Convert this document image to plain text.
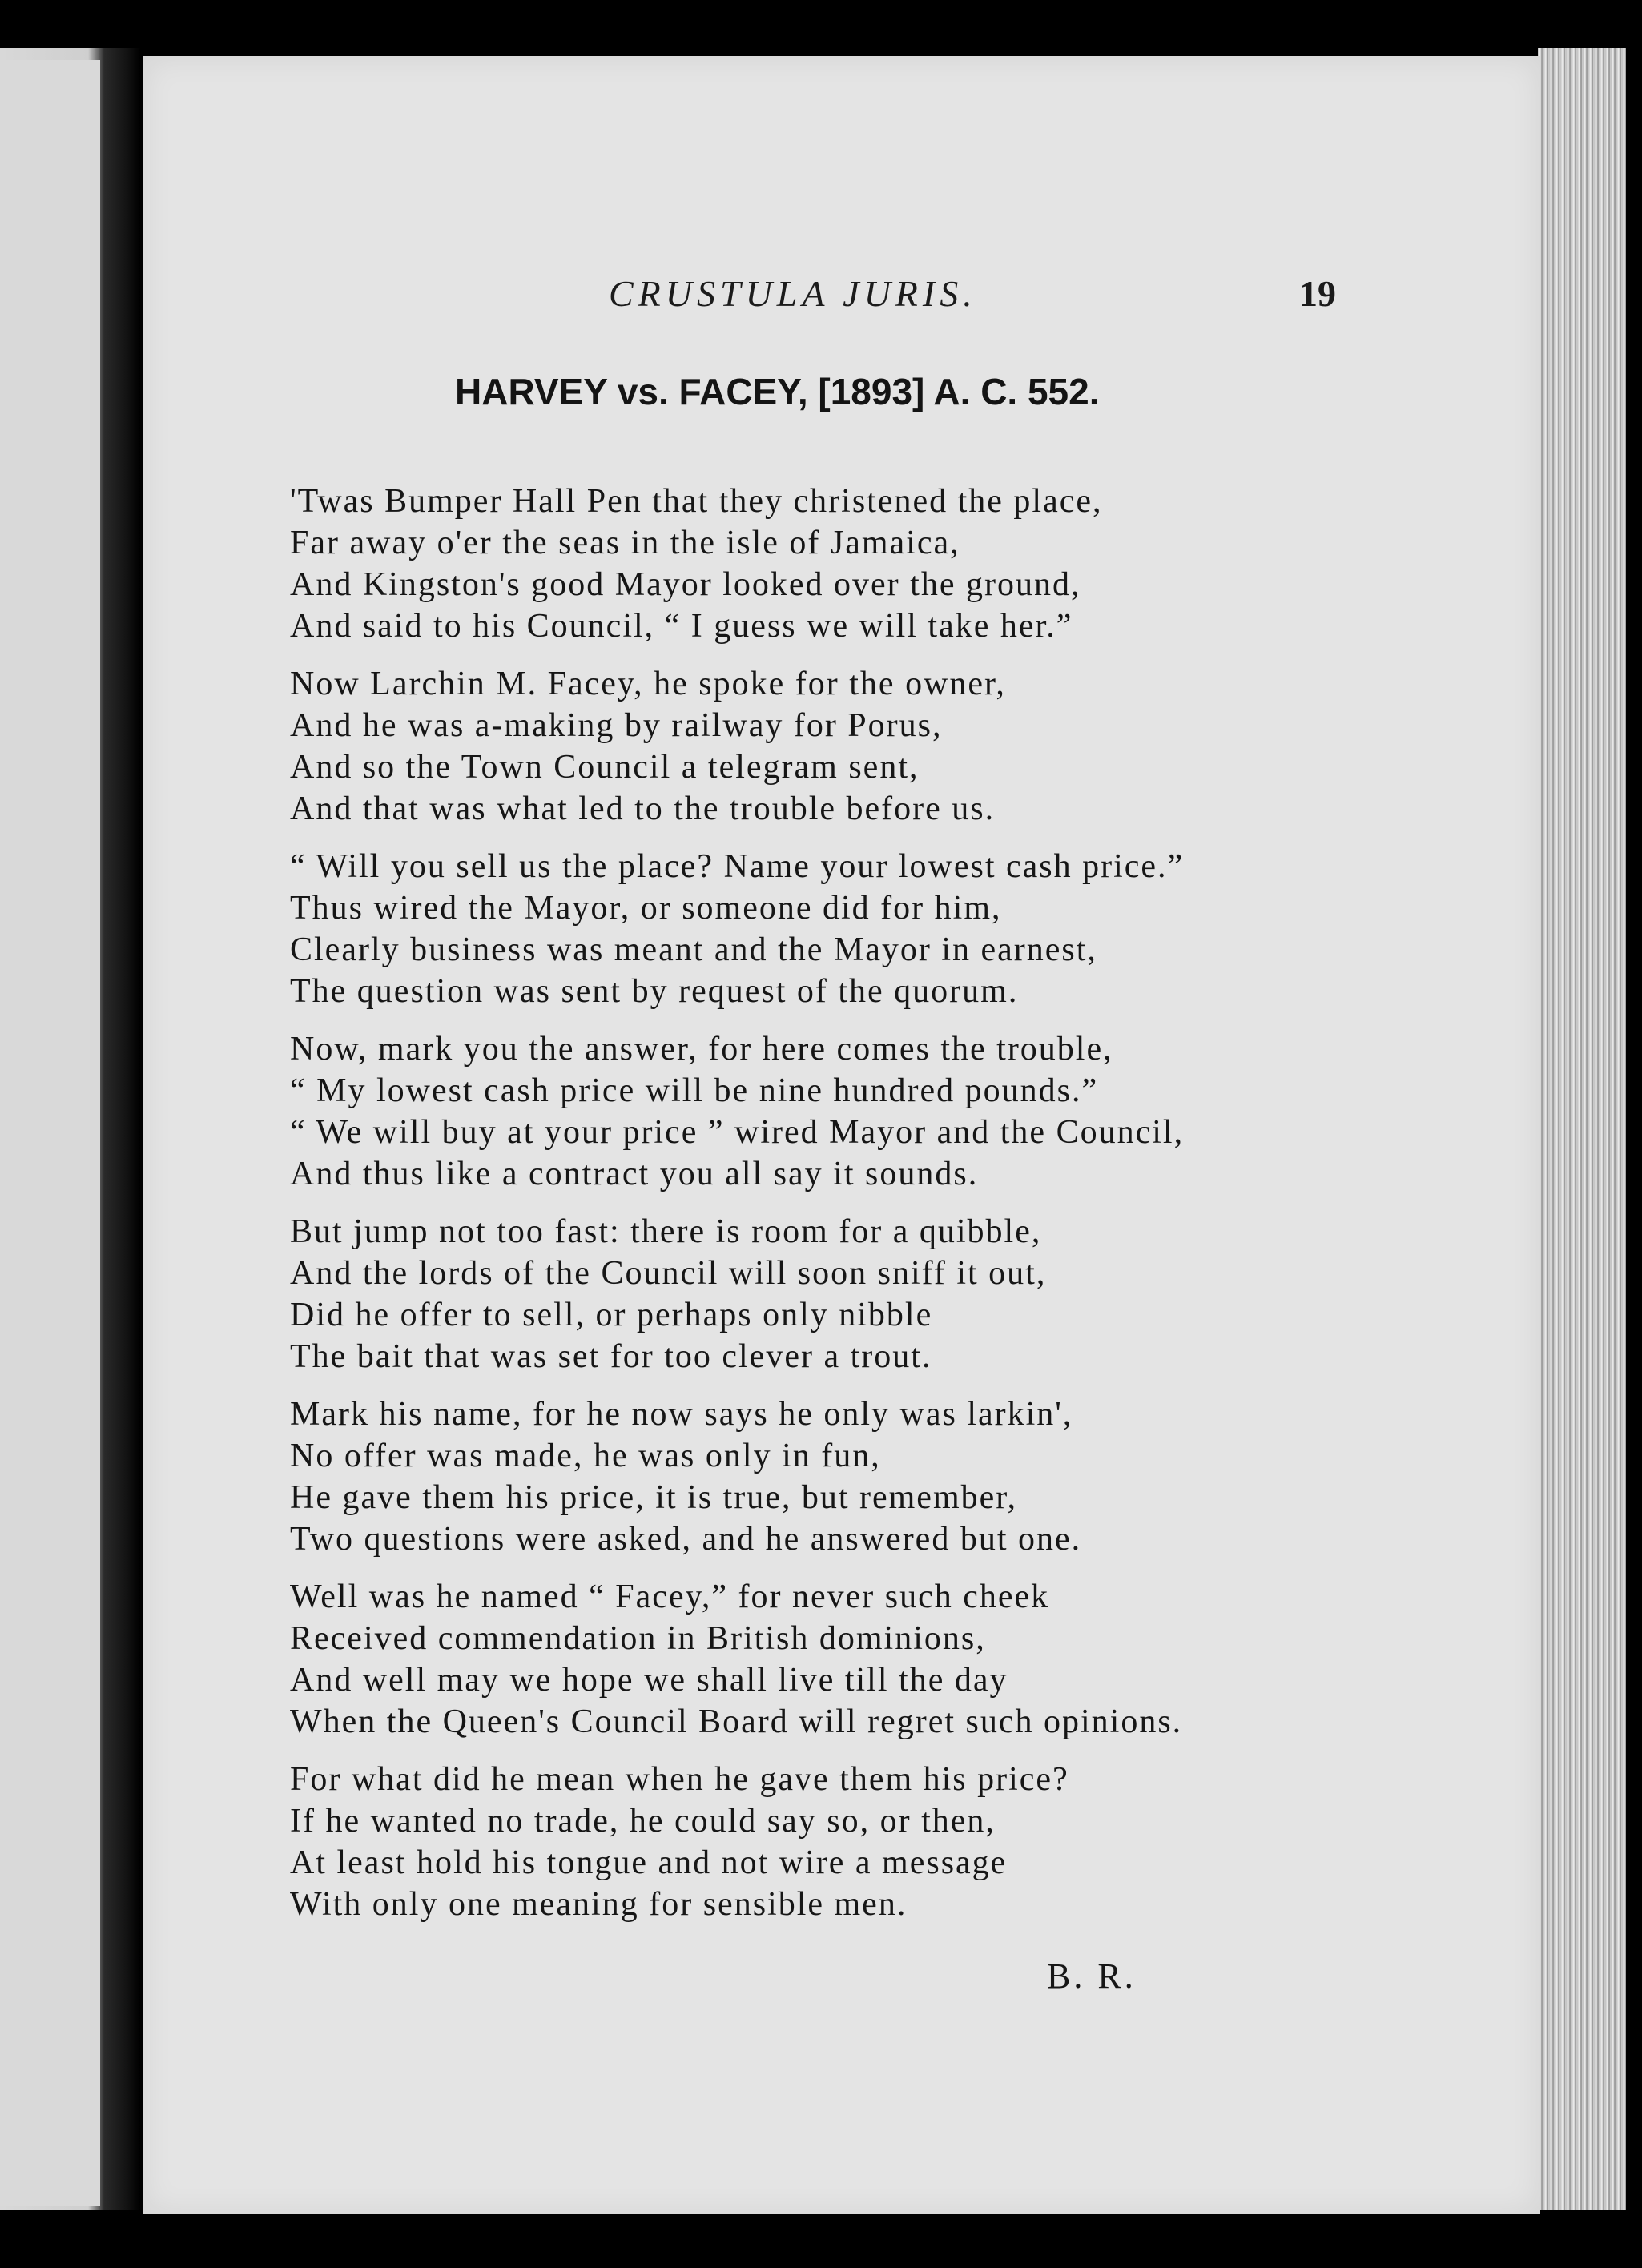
CRUSTULA JURIS.	19

HARVEY vs. FACEY, [1893] A. C. 552.
'Twas Bumper Hall Pen that they christened the place,
Far away o'er the seas in the isle of Jamaica,
And Kingston's good Mayor looked over the ground,
And said to his Council, “ I guess we will take her.”
Now Larchin M. Facey, he spoke for the owner,
And he was a-making by railway for Porus,
And so the Town Council a telegram sent,
And that was what led to the trouble before us.
“ Will you sell us the place? Name your lowest cash price.”
Thus wired the Mayor, or someone did for him,
Clearly business was meant and the Mayor in earnest,
The question was sent by request of the quorum.
Now, mark you the answer, for here comes the trouble,
“ My lowest cash price will be nine hundred pounds.”
“ We will buy at your price ” wired Mayor and the Council,
And thus like a contract you all say it sounds.
But jump not too fast: there is room for a quibble,
And the lords of the Council will soon sniff it out,
Did he offer to sell, or perhaps only nibble
The bait that was set for too clever a trout.
Mark his name, for he now says he only was larkin',
No offer was made, he was only in fun,
He gave them his price, it is true, but remember,
Two questions were asked, and he answered but one.
Well was he named “ Facey,” for never such cheek
Received commendation in British dominions,
And well may we hope we shall live till the day
When the Queen's Council Board will regret such opinions.
For what did he mean when he gave them his price?
If he wanted no trade, he could say so, or then,
At least hold his tongue and not wire a message
With only one meaning for sensible men.

B. R.
